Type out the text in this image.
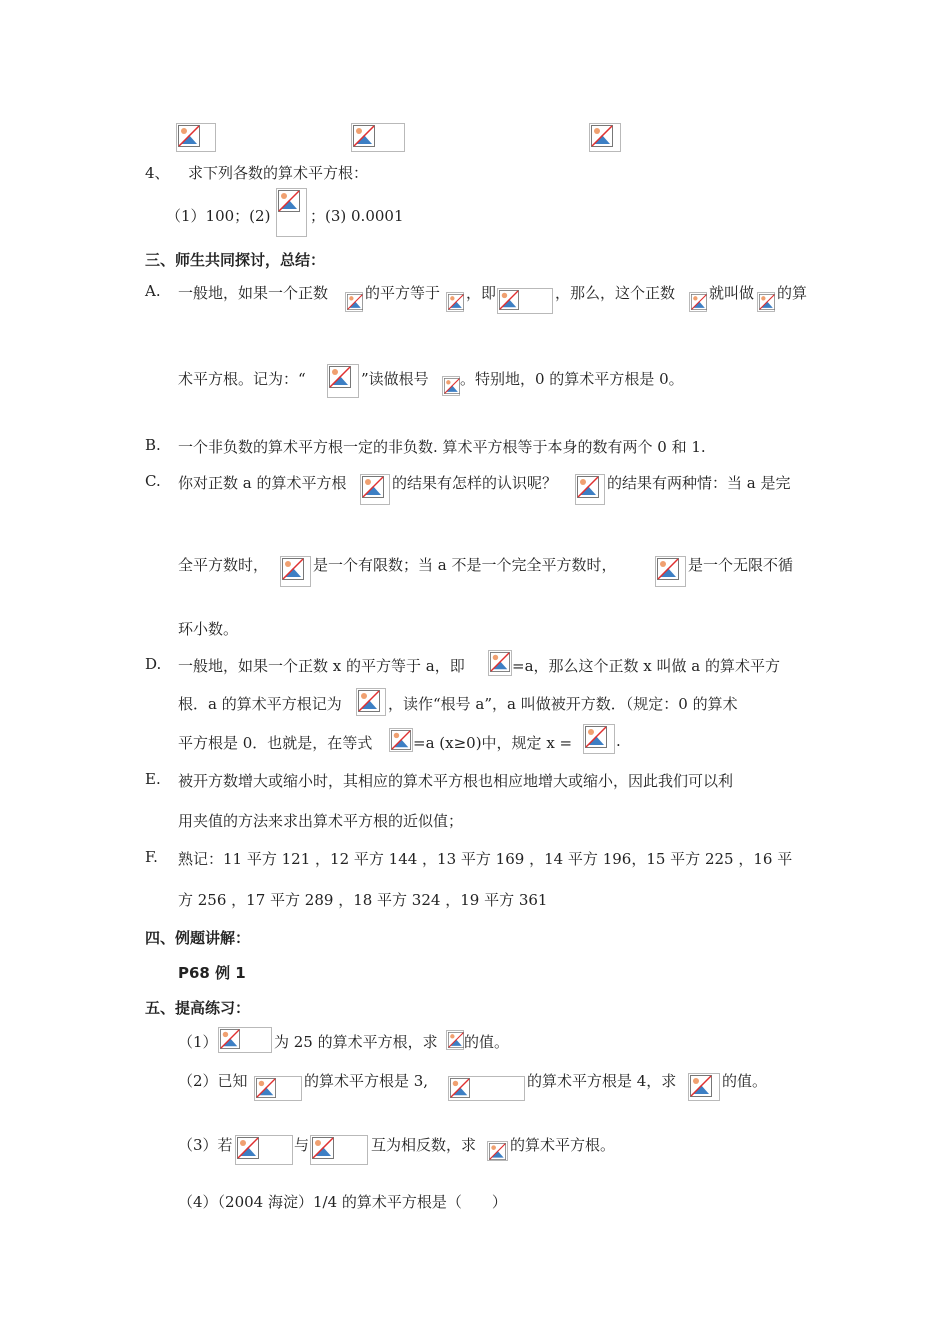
4、 求下列各数的算术平方根：
（1）100；(2)	；(3) 0.0001
三、师生共同探讨，总结：
A. 一般地，如果一个正数 的平方等于 ，即	，那么，这个正数 就叫做 的算
术平方根。记为：“	”读做根号 。特别地，0 的算术平方根是 0。
B. 一个非负数的算术平方根一定的非负数. 算术平方根等于本身的数有两个 0 和 1.
C. 你对正数 a 的算术平方根	的结果有怎样的认识呢？	的结果有两种情：当 a 是完
全平方数时，	是一个有限数；当 a 不是一个完全平方数时，	是一个无限不循
环小数。
D. 一般地，如果一个正数 x 的平方等于 a，即	=a，那么这个正数 x 叫做 a 的算术平方
根．a 的算术平方根记为	，读作“根号 a”，a 叫做被开方数．（规定：0 的算术
平方根是 0．也就是，在等式	=a (x≥0)中，规定 x =	.
E. 被开方数增大或缩小时，其相应的算术平方根也相应地增大或缩小，因此我们可以利
用夹值的方法来求出算术平方根的近似值；
F. 熟记：11 平方 121 ，12 平方 144 ，13 平方 169 ，14 平方 196，15 平方 225 ，16 平
方 256 ，17 平方 289 ，18 平方 324 ，19 平方 361
四、例题讲解：
P68 例 1
五、提高练习：
（1）	为 25 的算术平方根，求 的值。
（2）已知	的算术平方根是 3,	的算术平方根是 4，求	的值。
（3）若	与	互为相反数，求 的算术平方根。
（4）（2004 海淀）1/4 的算术平方根是（　　）
